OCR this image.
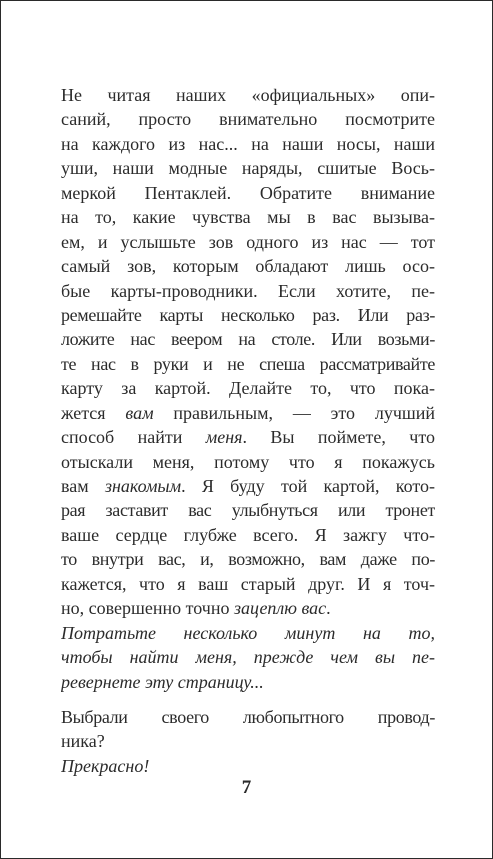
Не читая наших «официальных» опи-
саний, просто внимательно посмотрите
на каждого из нас... на наши носы, наши
уши, наши модные наряды, сшитые Вось-
меркой Пентаклей. Обратите внимание
на то, какие чувства мы в вас вызыва-
ем, и услышьте зов одного из нас — тот
самый зов, которым обладают лишь осо-
бые карты-проводники. Если хотите, пе-
ремешайте карты несколько раз. Или раз-
ложите нас веером на столе. Или возьми-
те нас в руки и не спеша рассматривайте
карту за картой. Делайте то, что пока-
жется вам правильным, — это лучший
способ найти меня. Вы поймете, что
отыскали меня, потому что я покажусь
вам знакомым. Я буду той картой, кото-
рая заставит вас улыбнуться или тронет
ваше сердце глубже всего. Я зажгу что-
то внутри вас, и, возможно, вам даже по-
кажется, что я ваш старый друг. И я точ-
но, совершенно точно зацеплю вас.
Потратьте несколько минут на то,
чтобы найти меня, прежде чем вы пе-
ревернете эту страницу...
Выбрали своего любопытного провод-
ника?
Прекрасно!
7
